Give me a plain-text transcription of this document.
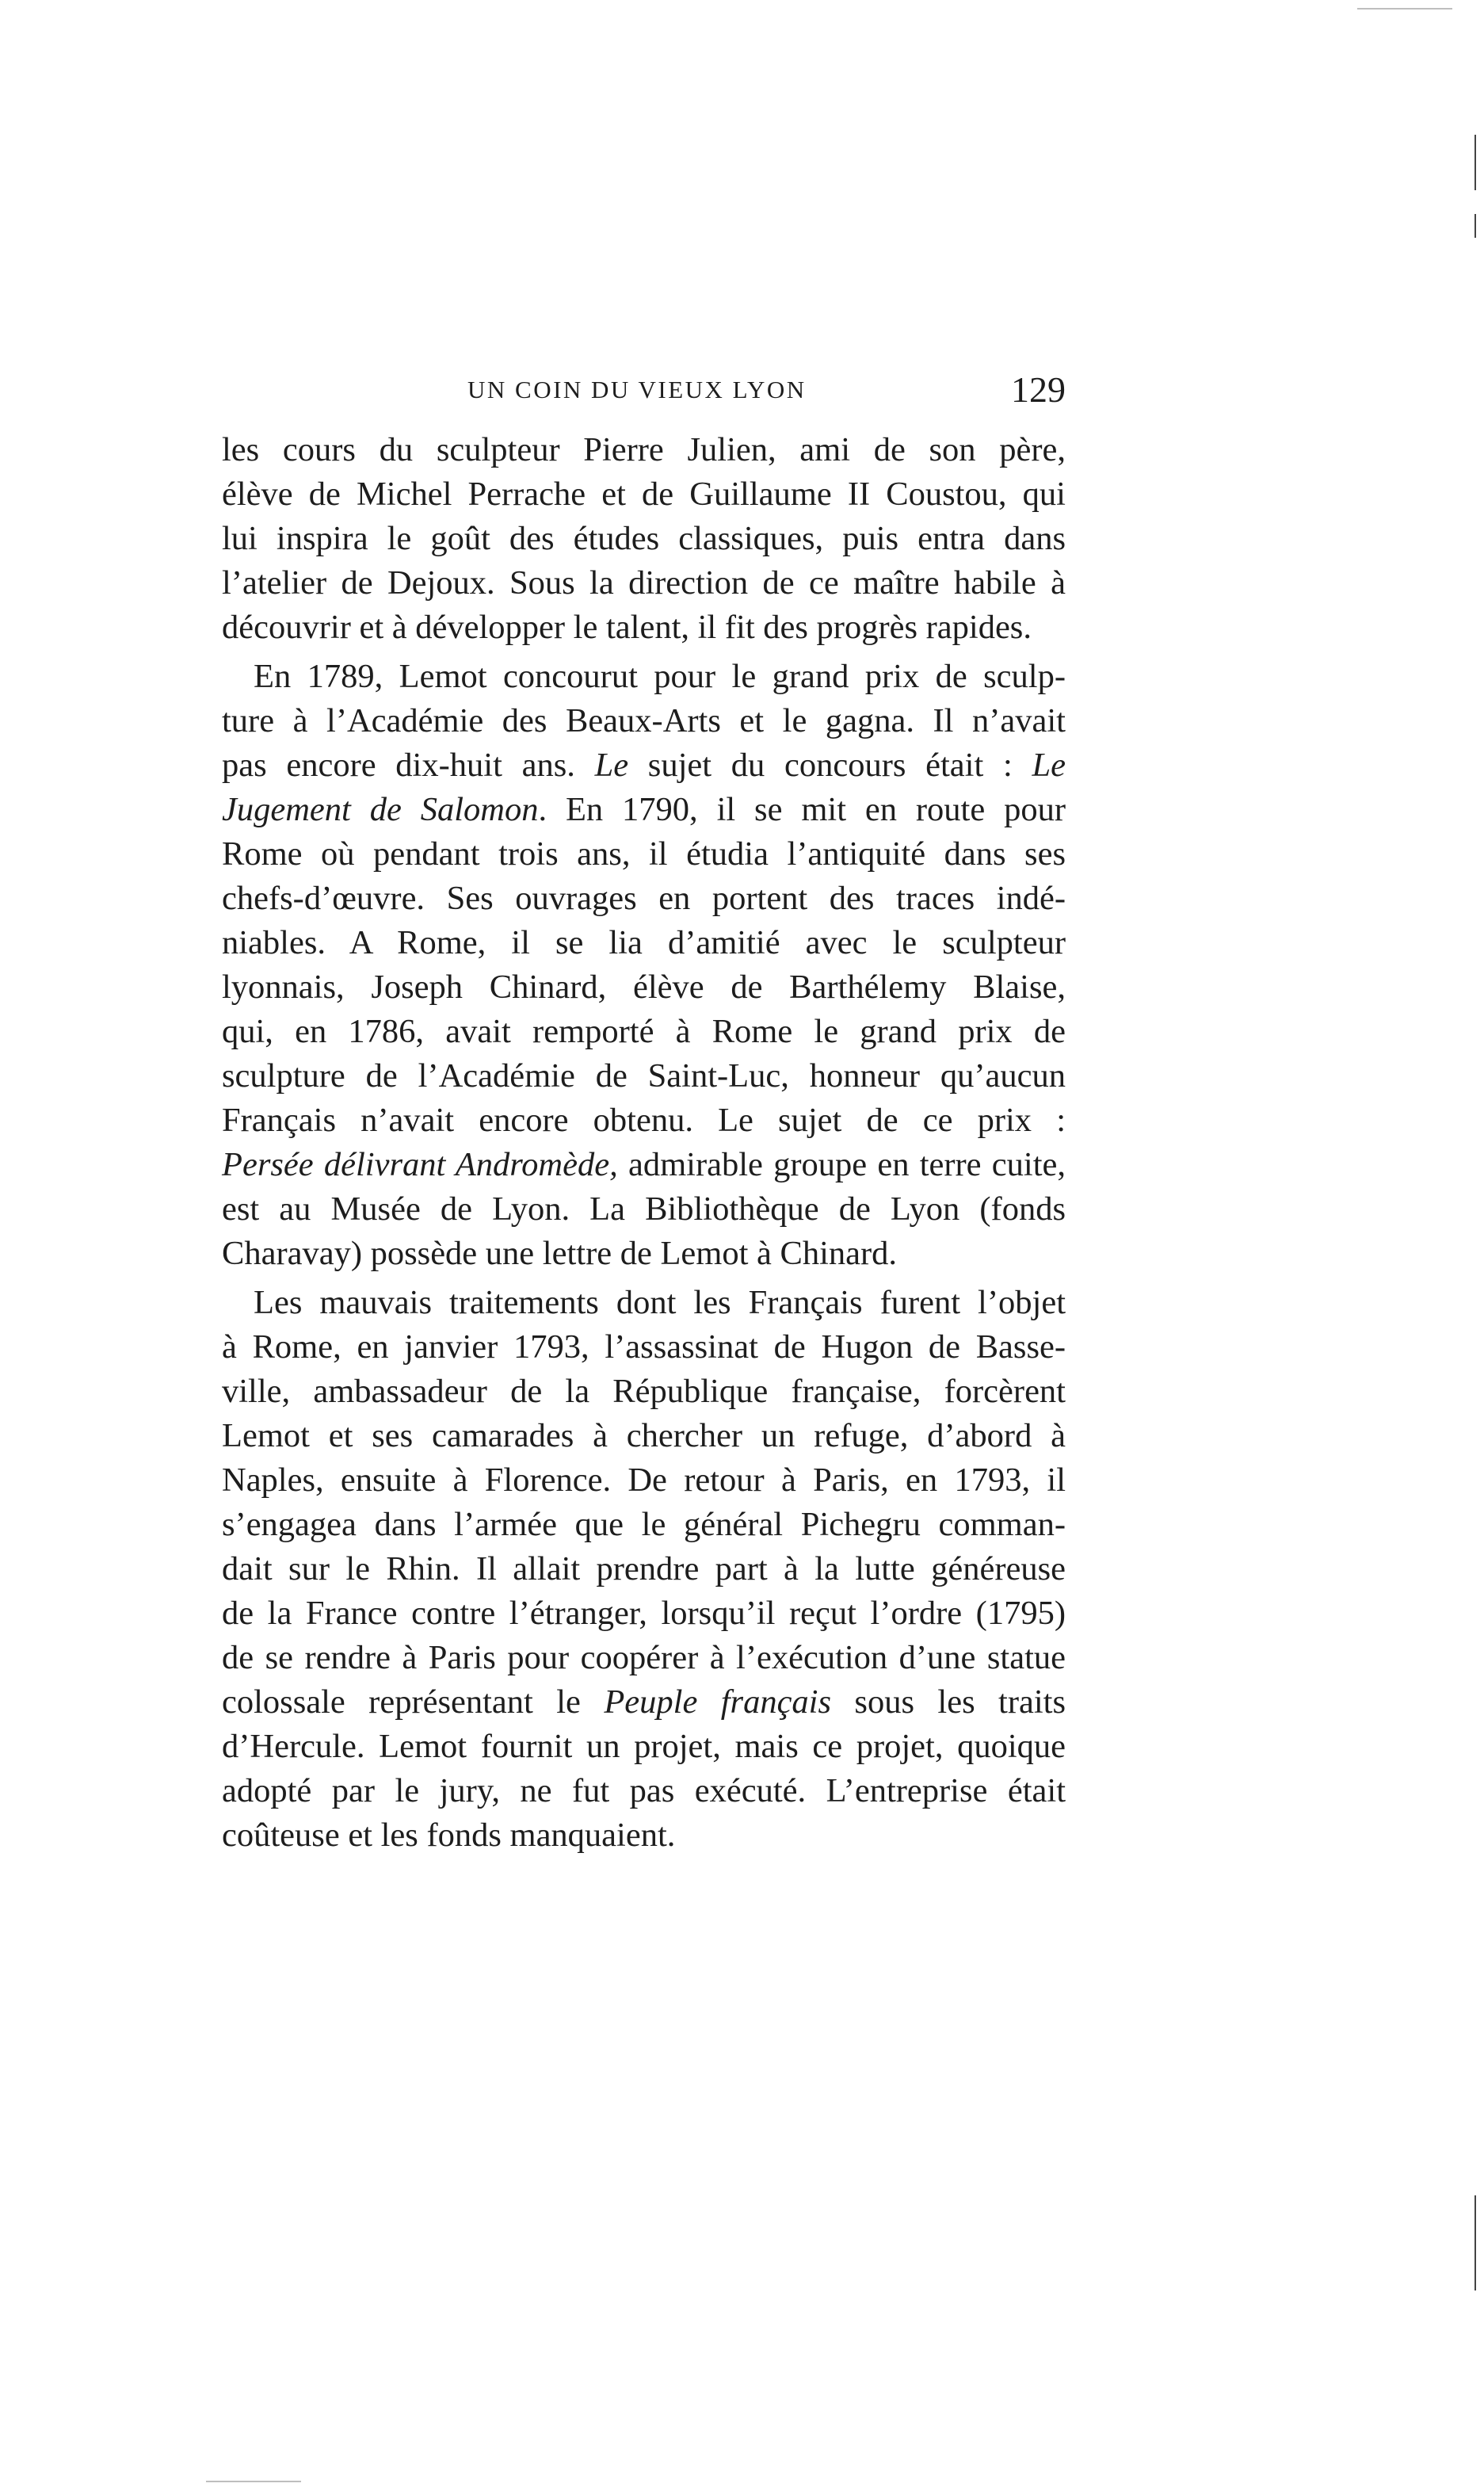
UN COIN DU VIEUX LYON	129

les cours du sculpteur Pierre Julien, ami de son père,
élève de Michel Perrache et de Guillaume II Coustou, qui
lui inspira le goût des études classiques, puis entra dans
l’atelier de Dejoux. Sous la direction de ce maître habile à
découvrir et à développer le talent, il fit des progrès rapides.

En 1789, Lemot concourut pour le grand prix de sculp-
ture à l’Académie des Beaux-Arts et le gagna. Il n’avait
pas encore dix-huit ans. Le sujet du concours était : Le
Jugement de Salomon. En 1790, il se mit en route pour
Rome où pendant trois ans, il étudia l’antiquité dans ses
chefs-d’œuvre. Ses ouvrages en portent des traces indé-
niables. A Rome, il se lia d’amitié avec le sculpteur
lyonnais, Joseph Chinard, élève de Barthélemy Blaise,
qui, en 1786, avait remporté à Rome le grand prix de
sculpture de l’Académie de Saint-Luc, honneur qu’aucun
Français n’avait encore obtenu. Le sujet de ce prix :
Persée délivrant Andromède, admirable groupe en terre cuite,
est au Musée de Lyon. La Bibliothèque de Lyon (fonds
Charavay) possède une lettre de Lemot à Chinard.

Les mauvais traitements dont les Français furent l’objet
à Rome, en janvier 1793, l’assassinat de Hugon de Basse-
ville, ambassadeur de la République française, forcèrent
Lemot et ses camarades à chercher un refuge, d’abord à
Naples, ensuite à Florence. De retour à Paris, en 1793, il
s’engagea dans l’armée que le général Pichegru comman-
dait sur le Rhin. Il allait prendre part à la lutte généreuse
de la France contre l’étranger, lorsqu’il reçut l’ordre (1795)
de se rendre à Paris pour coopérer à l’exécution d’une statue
colossale représentant le Peuple français sous les traits
d’Hercule. Lemot fournit un projet, mais ce projet, quoique
adopté par le jury, ne fut pas exécuté. L’entreprise était
coûteuse et les fonds manquaient.
